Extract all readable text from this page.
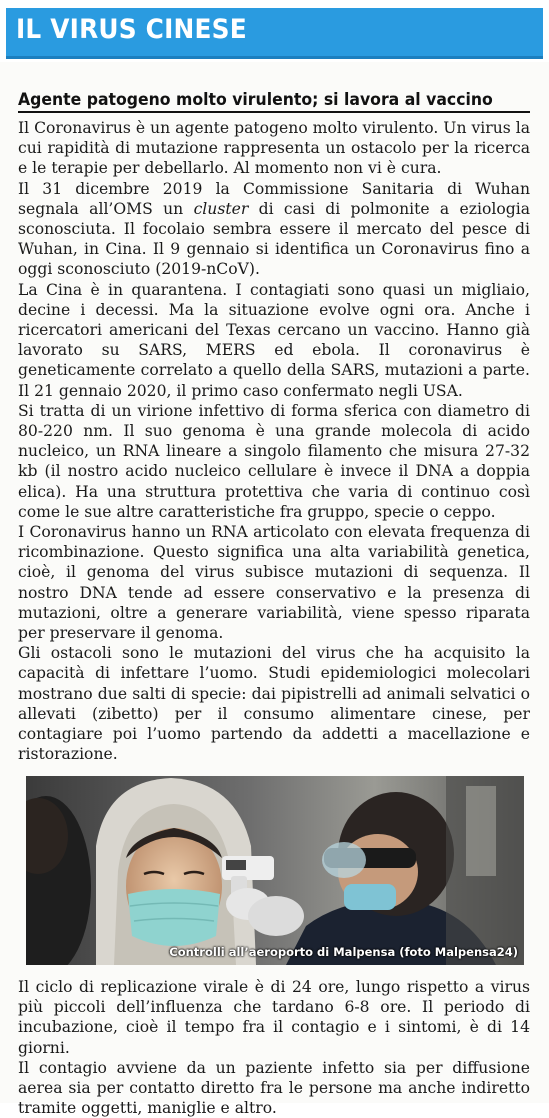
IL VIRUS CINESE
Agente patogeno molto virulento; si lavora al vaccino

Il Coronavirus è un agente patogeno molto virulento. Un virus la cui rapidità di mutazione rappresenta un ostacolo per la ricerca e le terapie per debellarlo. Al momento non vi è cura.

Il 31 dicembre 2019 la Commissione Sanitaria di Wuhan segnala all’OMS un cluster di casi di polmonite a eziologia sconosciuta. Il focolaio sembra essere il mercato del pesce di Wuhan, in Cina. Il 9 gennaio si identifica un Coronavirus fino a oggi sconosciuto (2019-nCoV).

La Cina è in quarantena. I contagiati sono quasi un migliaio, decine i decessi. Ma la situazione evolve ogni ora. Anche i ricercatori americani del Texas cercano un vaccino. Hanno già lavorato su SARS, MERS ed ebola. Il coronavirus è geneticamente correlato a quello della SARS, mutazioni a parte. Il 21 gennaio 2020, il primo caso confermato negli USA.

Si tratta di un virione infettivo di forma sferica con diametro di 80-220 nm. Il suo genoma è una grande molecola di acido nucleico, un RNA lineare a singolo filamento che misura 27-32 kb (il nostro acido nucleico cellulare è invece il DNA a doppia elica). Ha una struttura protettiva che varia di continuo così come le sue altre caratteristiche fra gruppo, specie o ceppo.

I Coronavirus hanno un RNA articolato con elevata frequenza di ricombinazione. Questo significa una alta variabilità genetica, cioè, il genoma del virus subisce mutazioni di sequenza. Il nostro DNA tende ad essere conservativo e la presenza di mutazioni, oltre a generare variabilità, viene spesso riparata per preservare il genoma.

Gli ostacoli sono le mutazioni del virus che ha acquisito la capacità di infettare l’uomo. Studi epidemiologici molecolari mostrano due salti di specie: dai pipistrelli ad animali selvatici o allevati (zibetto) per il consumo alimentare cinese, per contagiare poi l’uomo partendo da addetti a macellazione e ristorazione.

Controlli all’aeroporto di Malpensa (foto Malpensa24)

Il ciclo di replicazione virale è di 24 ore, lungo rispetto a virus più piccoli dell’influenza che tardano 6-8 ore. Il periodo di incubazione, cioè il tempo fra il contagio e i sintomi, è di 14 giorni.

Il contagio avviene da un paziente infetto sia per diffusione aerea sia per contatto diretto fra le persone ma anche indiretto tramite oggetti, maniglie e altro.
